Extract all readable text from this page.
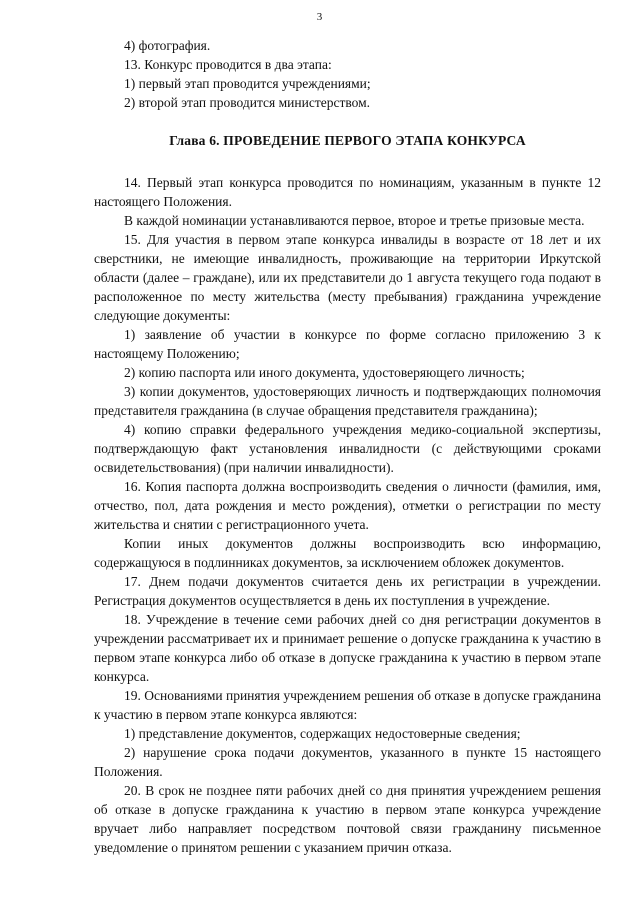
3

4) фотография.

13. Конкурс проводится в два этапа:

1) первый этап проводится учреждениями;

2) второй этап проводится министерством.

Глава 6. ПРОВЕДЕНИЕ ПЕРВОГО ЭТАПА КОНКУРСА

14. Первый этап конкурса проводится по номинациям, указанным в пункте 12 настоящего Положения.

В каждой номинации устанавливаются первое, второе и третье призовые места.

15. Для участия в первом этапе конкурса инвалиды в возрасте от 18 лет и их сверстники, не имеющие инвалидность, проживающие на территории Иркутской области (далее – граждане), или их представители до 1 августа текущего года подают в расположенное по месту жительства (месту пребывания) гражданина учреждение следующие документы:

1) заявление об участии в конкурсе по форме согласно приложению 3 к настоящему Положению;

2) копию паспорта или иного документа, удостоверяющего личность;

3) копии документов, удостоверяющих личность и подтверждающих полномочия представителя гражданина (в случае обращения представителя гражданина);

4) копию справки федерального учреждения медико-социальной экспертизы, подтверждающую факт установления инвалидности (с действующими сроками освидетельствования) (при наличии инвалидности).

16. Копия паспорта должна воспроизводить сведения о личности (фамилия, имя, отчество, пол, дата рождения и место рождения), отметки о регистрации по месту жительства и снятии с регистрационного учета.

Копии иных документов должны воспроизводить всю информацию, содержащуюся в подлинниках документов, за исключением обложек документов.

17. Днем подачи документов считается день их регистрации в учреждении. Регистрация документов осуществляется в день их поступления в учреждение.

18. Учреждение в течение семи рабочих дней со дня регистрации документов в учреждении рассматривает их и принимает решение о допуске гражданина к участию в первом этапе конкурса либо об отказе в допуске гражданина к участию в первом этапе конкурса.

19. Основаниями принятия учреждением решения об отказе в допуске гражданина к участию в первом этапе конкурса являются:

1) представление документов, содержащих недостоверные сведения;

2) нарушение срока подачи документов, указанного в пункте 15 настоящего Положения.

20. В срок не позднее пяти рабочих дней со дня принятия учреждением решения об отказе в допуске гражданина к участию в первом этапе конкурса учреждение вручает либо направляет посредством почтовой связи гражданину письменное уведомление о принятом решении с указанием причин отказа.
